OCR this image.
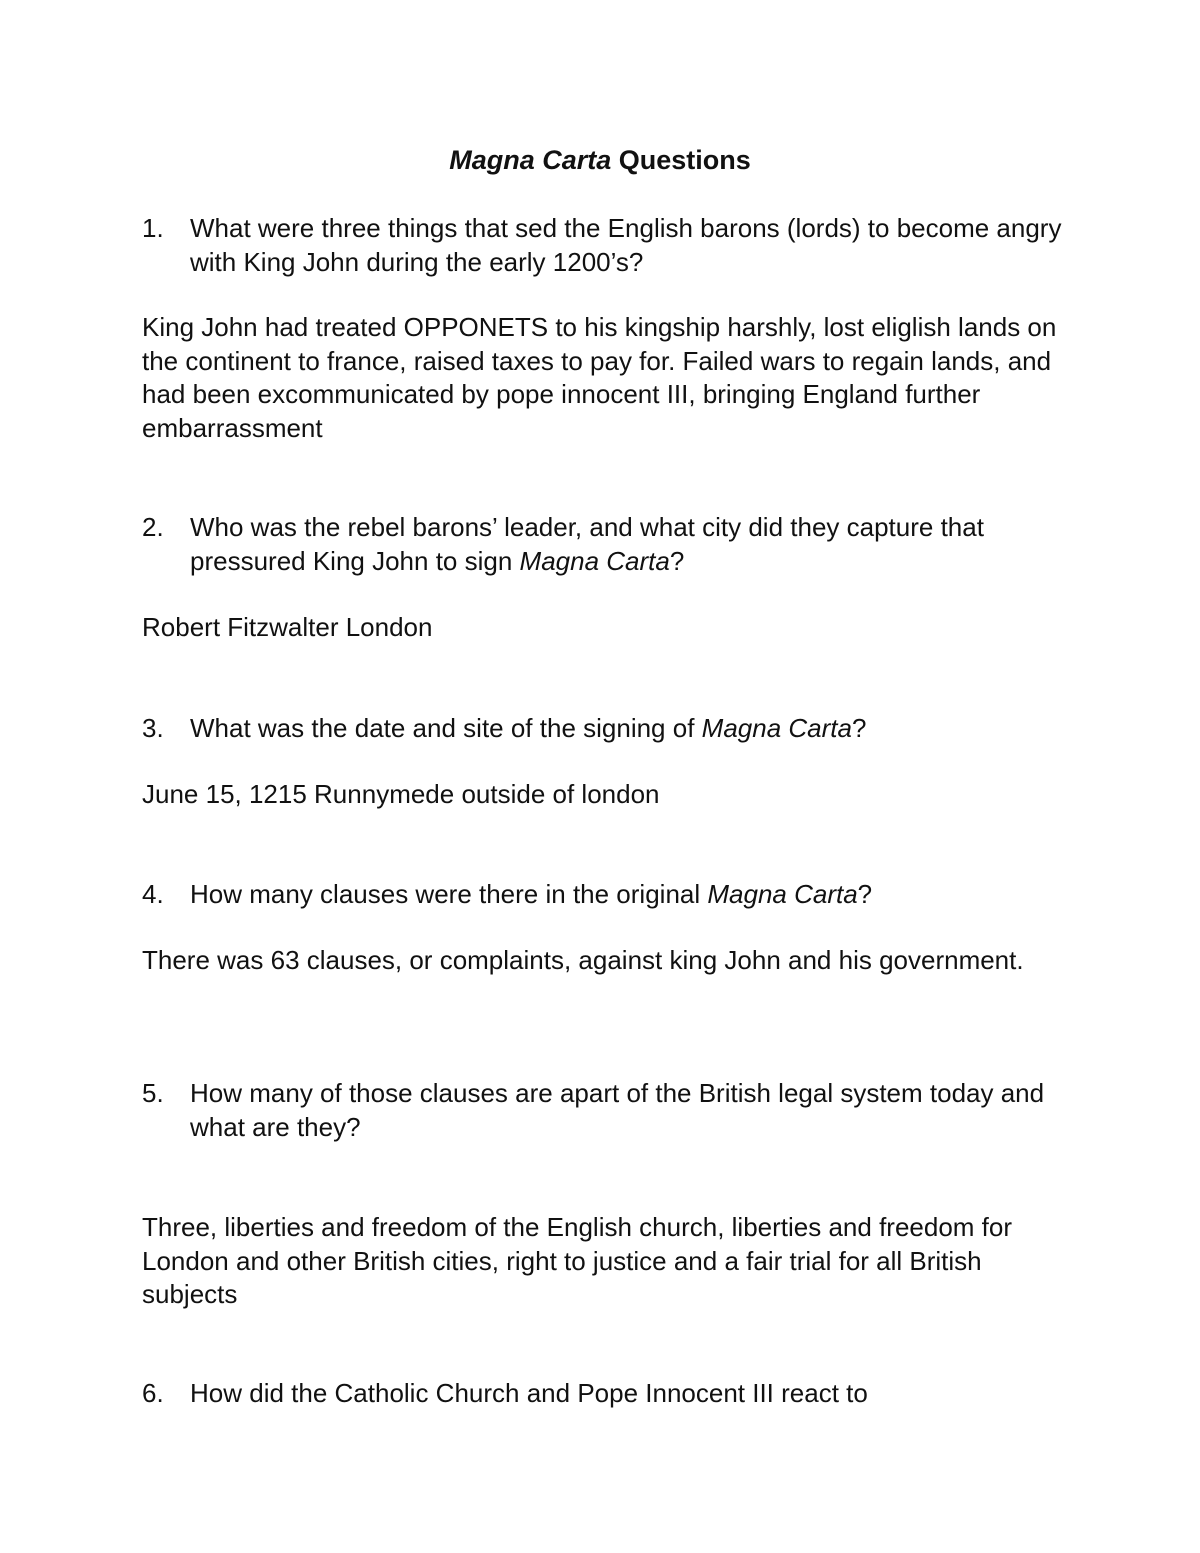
Magna Carta Questions
1.	What were three things that sed the English barons (lords) to become angry with King John during the early 1200’s?

King John had treated OPPONETS to his kingship harshly, lost eliglish lands on the continent to france, raised taxes to pay for. Failed wars to regain lands, and had been excommunicated by pope innocent III, bringing England further embarrassment

2.	Who was the rebel barons’ leader, and what city did they capture that pressured King John to sign Magna Carta?

Robert Fitzwalter London

3.	What was the date and site of the signing of Magna Carta?

June 15, 1215 Runnymede outside of london

4.	How many clauses were there in the original Magna Carta?

There was 63 clauses, or complaints, against king John and his government.

5.	How many of those clauses are apart of the British legal system today and what are they?

Three, liberties and freedom of the English church, liberties and freedom for London and other British cities, right to justice and a fair trial for all British subjects

6.	How did the Catholic Church and Pope Innocent III react to
